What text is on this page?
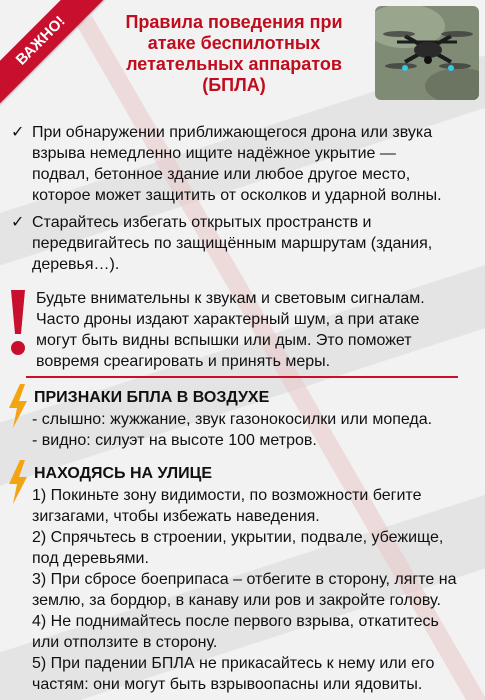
ВАЖНО!	Правила поведения при
атаке беспилотных
летательных аппаратов
(БПЛА)
✓ При обнаружении приближающегося дрона или звука
взрыва немедленно ищите надёжное укрытие —
подвал, бетонное здание или любое другое место,
которое может защитить от осколков и ударной волны.
✓ Старайтесь избегать открытых пространств и
передвигайтесь по защищённым маршрутам (здания,
деревья…).
Будьте внимательны к звукам и световым сигналам.
Часто дроны издают характерный шум, а при атаке
могут быть видны вспышки или дым. Это поможет
вовремя среагировать и принять меры.
ПРИЗНАКИ БПЛА В ВОЗДУХЕ
- слышно: жужжание, звук газонокосилки или мопеда.
- видно: силуэт на высоте 100 метров.
НАХОДЯСЬ НА УЛИЦЕ
1) Покиньте зону видимости, по возможности бегите
зигзагами, чтобы избежать наведения.
2) Спрячьтесь в строении, укрытии, подвале, убежище,
под деревьями.
3) При сбросе боеприпаса – отбегите в сторону, лягте на
землю, за бордюр, в канаву или ров и закройте голову.
4) Не поднимайтесь после первого взрыва, откатитесь
или отползите в сторону.
5) При падении БПЛА не прикасайтесь к нему или его
частям: они могут быть взрывоопасны или ядовиты.
